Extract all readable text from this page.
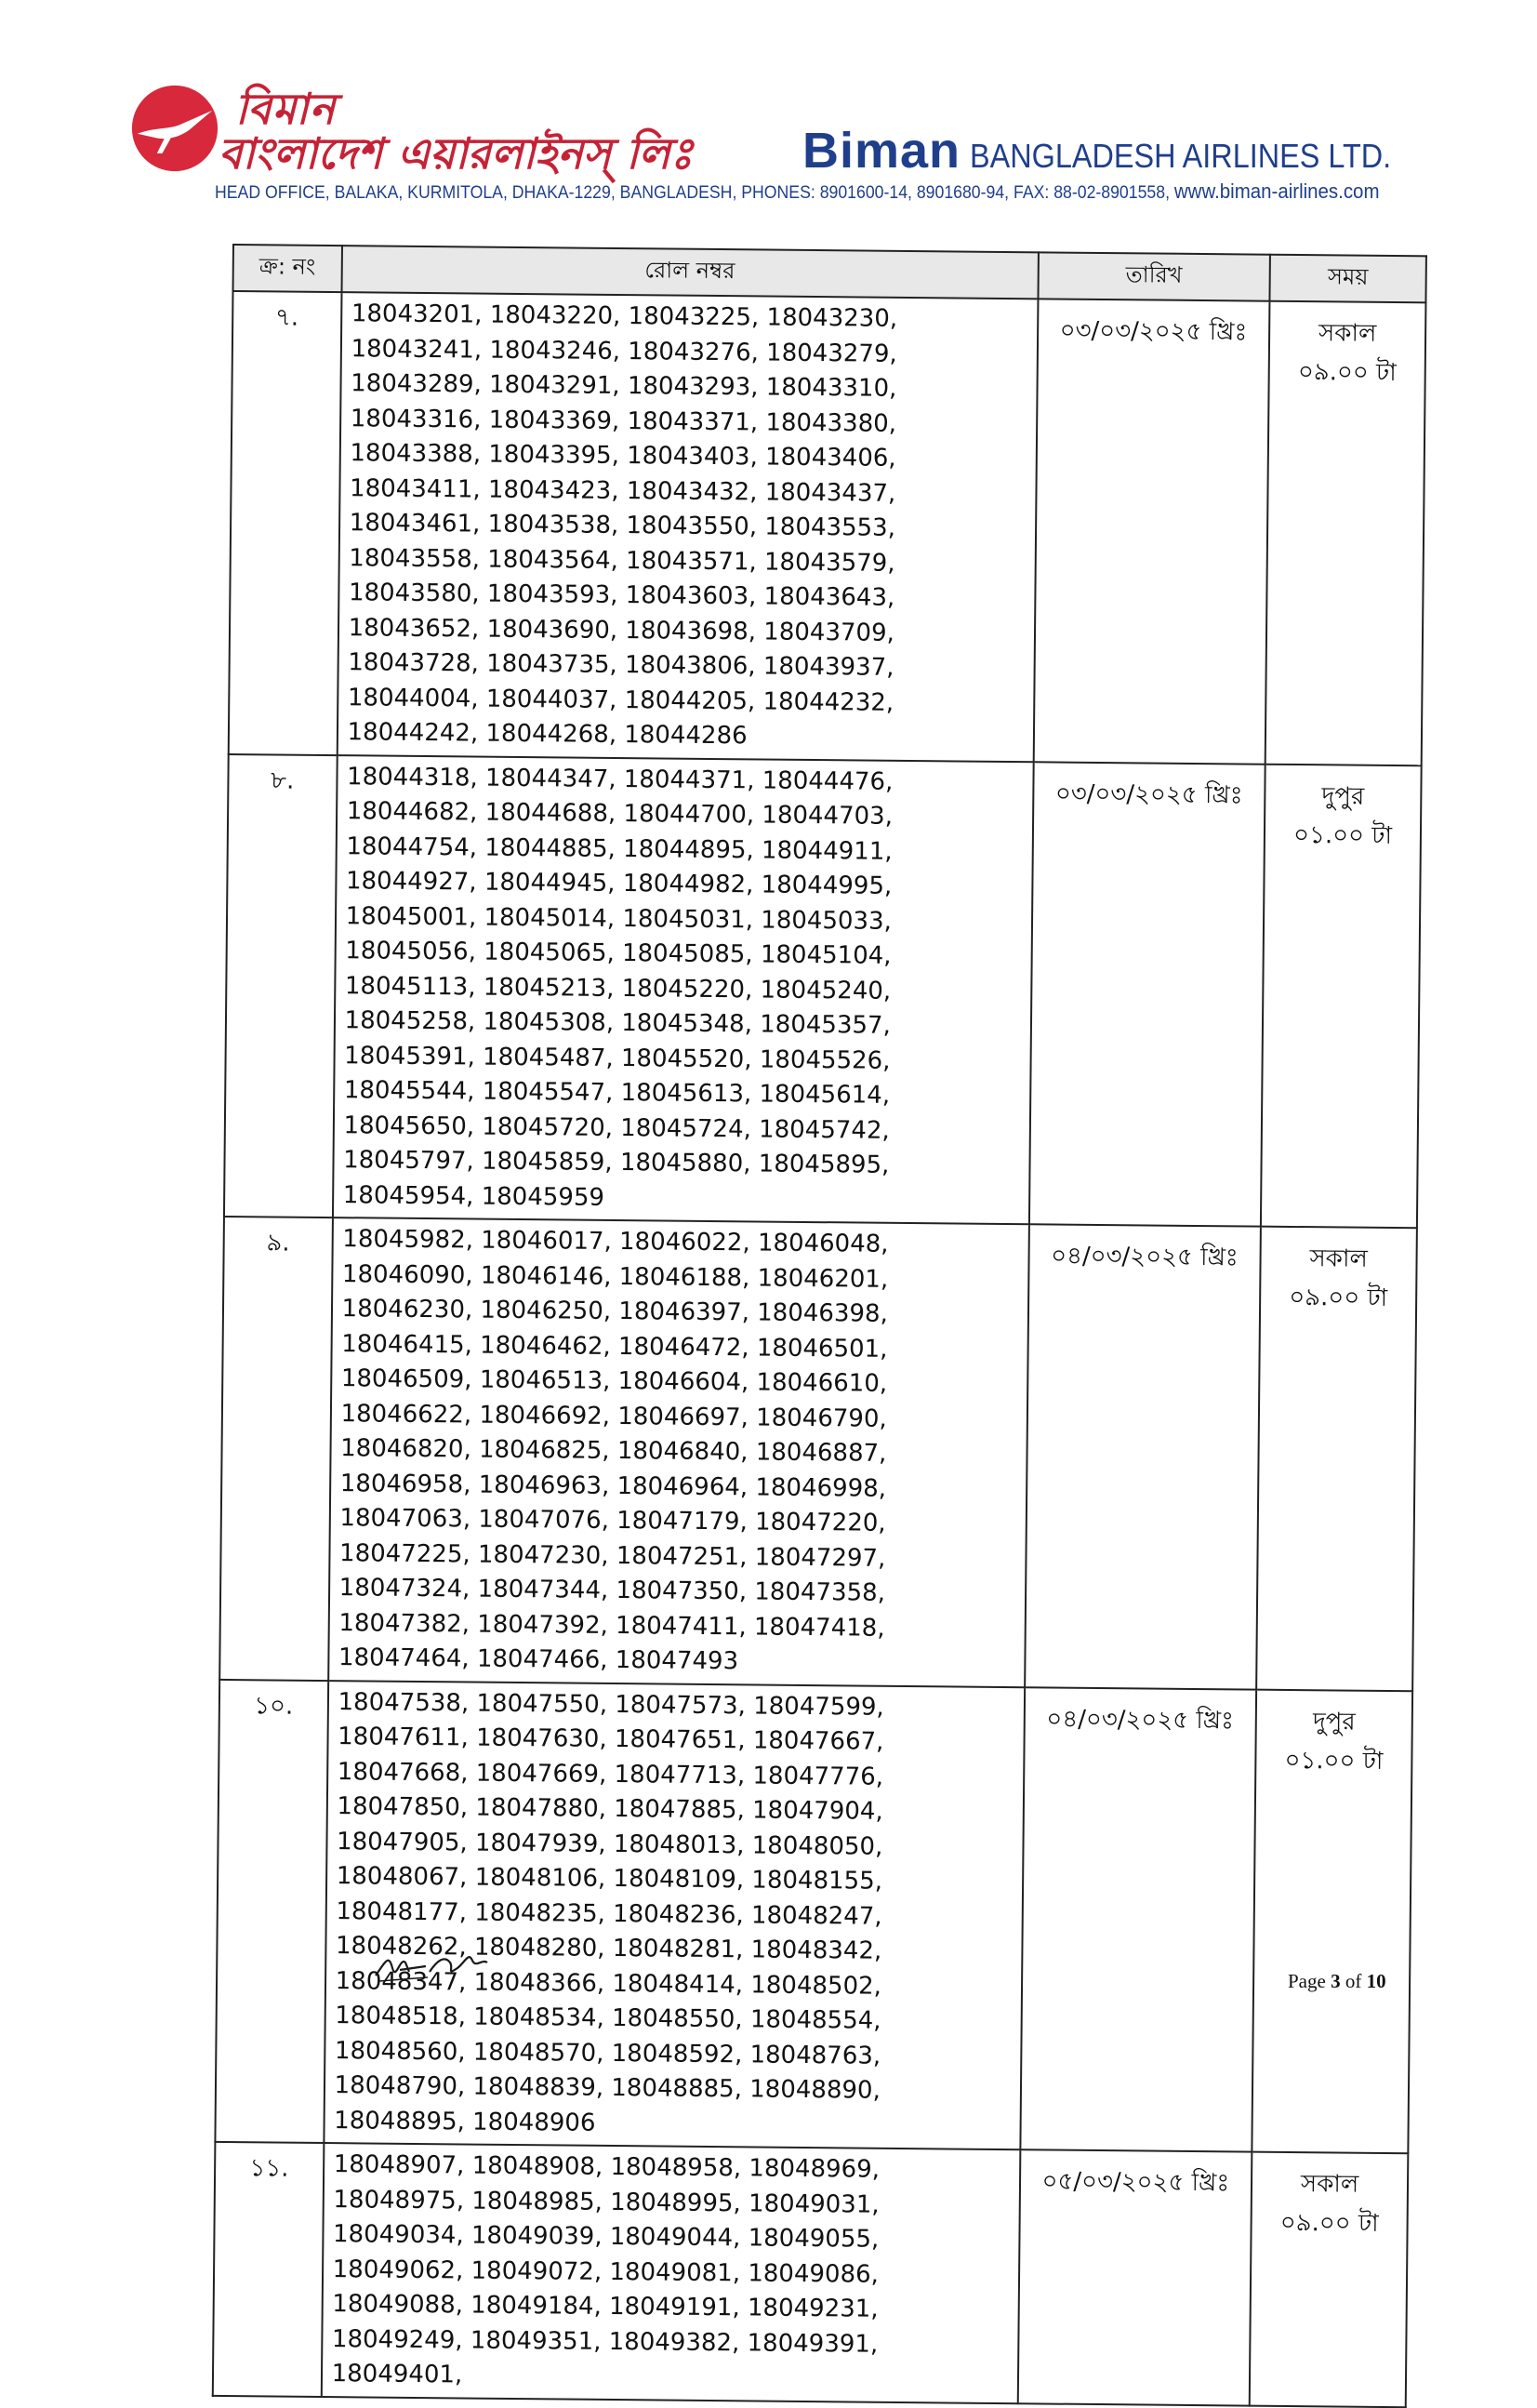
বিমান
বাংলাদেশ এয়ারলাইনস্ লিঃ Biman BANGLADESH AIRLINES LTD.
HEAD OFFICE, BALAKA, KURMITOLA, DHAKA-1229, BANGLADESH, PHONES: 8901600-14, 8901680-94, FAX: 88-02-8901558, www.biman-airlines.com
ক্র: নং	রোল নম্বর	তারিখ	সময়
৭.	18043201, 18043220, 18043225, 18043230, 18043241, 18043246, 18043276, 18043279, 18043289, 18043291, 18043293, 18043310, 18043316, 18043369, 18043371, 18043380, 18043388, 18043395, 18043403, 18043406, 18043411, 18043423, 18043432, 18043437, 18043461, 18043538, 18043550, 18043553, 18043558, 18043564, 18043571, 18043579, 18043580, 18043593, 18043603, 18043643, 18043652, 18043690, 18043698, 18043709, 18043728, 18043735, 18043806, 18043937, 18044004, 18044037, 18044205, 18044232, 18044242, 18044268, 18044286	০৩/০৩/২০২৫ খ্রিঃ	সকাল
০৯.০০ টা

৮.	18044318, 18044347, 18044371, 18044476, 18044682, 18044688, 18044700, 18044703, 18044754, 18044885, 18044895, 18044911, 18044927, 18044945, 18044982, 18044995, 18045001, 18045014, 18045031, 18045033, 18045056, 18045065, 18045085, 18045104, 18045113, 18045213, 18045220, 18045240, 18045258, 18045308, 18045348, 18045357, 18045391, 18045487, 18045520, 18045526, 18045544, 18045547, 18045613, 18045614, 18045650, 18045720, 18045724, 18045742, 18045797, 18045859, 18045880, 18045895, 18045954, 18045959	০৩/০৩/২০২৫ খ্রিঃ	দুপুর
০১.০০ টা

৯.	18045982, 18046017, 18046022, 18046048, 18046090, 18046146, 18046188, 18046201, 18046230, 18046250, 18046397, 18046398, 18046415, 18046462, 18046472, 18046501, 18046509, 18046513, 18046604, 18046610, 18046622, 18046692, 18046697, 18046790, 18046820, 18046825, 18046840, 18046887, 18046958, 18046963, 18046964, 18046998, 18047063, 18047076, 18047179, 18047220, 18047225, 18047230, 18047251, 18047297, 18047324, 18047344, 18047350, 18047358, 18047382, 18047392, 18047411, 18047418, 18047464, 18047466, 18047493	০৪/০৩/২০২৫ খ্রিঃ	সকাল
০৯.০০ টা

১০.	18047538, 18047550, 18047573, 18047599, 18047611, 18047630, 18047651, 18047667, 18047668, 18047669, 18047713, 18047776, 18047850, 18047880, 18047885, 18047904, 18047905, 18047939, 18048013, 18048050, 18048067, 18048106, 18048109, 18048155, 18048177, 18048235, 18048236, 18048247, 18048262, 18048280, 18048281, 18048342, 18048347, 18048366, 18048414, 18048502, 18048518, 18048534, 18048550, 18048554, 18048560, 18048570, 18048592, 18048763, 18048790, 18048839, 18048885, 18048890, 18048895, 18048906	০৪/০৩/২০২৫ খ্রিঃ	দুপুর
০১.০০ টা

১১.	18048907, 18048908, 18048958, 18048969, 18048975, 18048985, 18048995, 18049031, 18049034, 18049039, 18049044, 18049055, 18049062, 18049072, 18049081, 18049086, 18049088, 18049184, 18049191, 18049231, 18049249, 18049351, 18049382, 18049391, 18049401,	০৫/০৩/২০২৫ খ্রিঃ	সকাল
০৯.০০ টা
Page 3 of 10
